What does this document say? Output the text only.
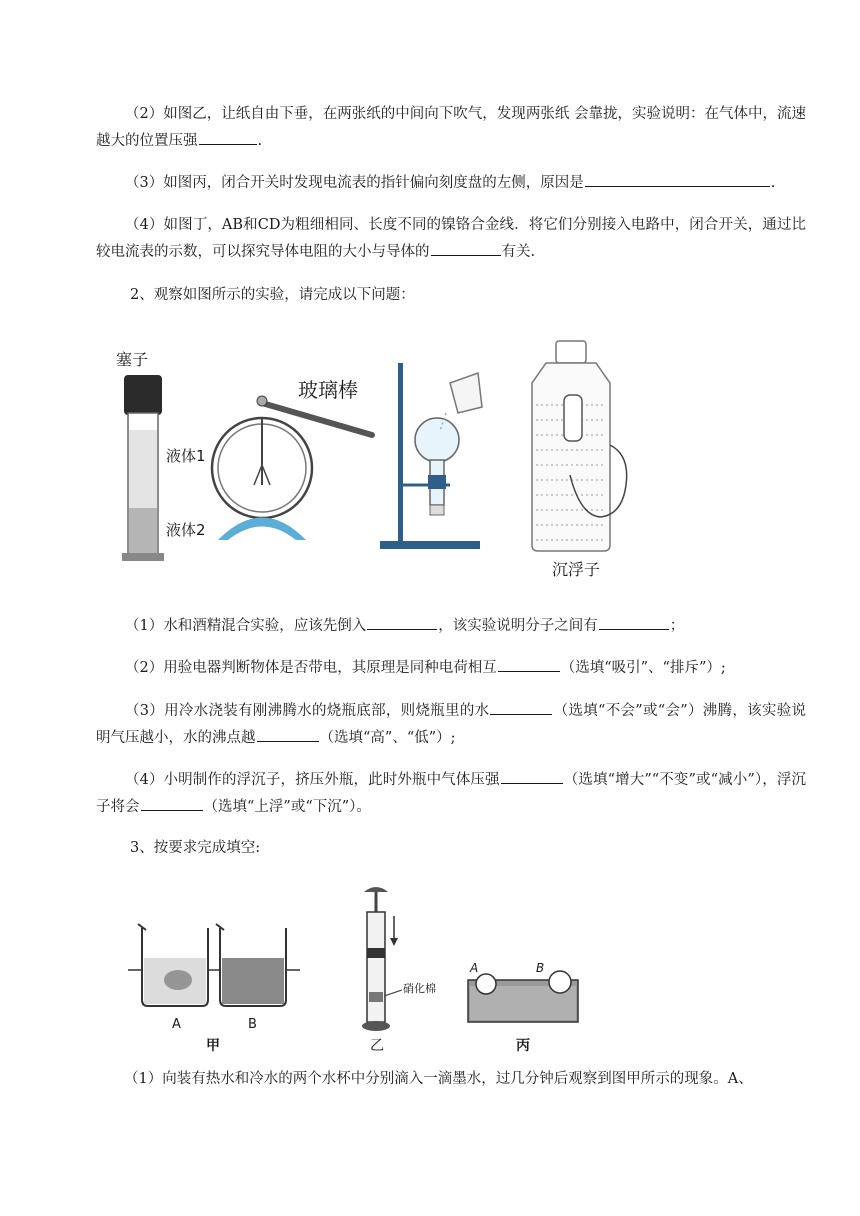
（2）如图乙，让纸自由下垂，在两张纸的中间向下吹气，发现两张纸 会靠拢，实验说明：在气体中，流速越大的位置压强	.

（3）如图丙，闭合开关时发现电流表的指针偏向刻度盘的左侧，原因是	.

（4）如图丁，AB和CD为粗细相同、长度不同的镍铬合金线．将它们分别接入电路中，闭合开关，通过比较电流表的示数，可以探究导体电阻的大小与导体的	有关.

2、观察如图所示的实验，请完成以下问题：

塞子
液体1
液体2
玻璃棒
沉浮子

（1）水和酒精混合实验，应该先倒入	，该实验说明分子之间有	；

（2）用验电器判断物体是否带电，其原理是同种电荷相互	（选填“吸引”、“排斥”）;

（3）用冷水浇装有刚沸腾水的烧瓶底部，则烧瓶里的水	（选填“不会”或“会”）沸腾，该实验说明气压越小，水的沸点越	（选填“高”、“低”）;

（4）小明制作的浮沉子，挤压外瓶，此时外瓶中气体压强	（选填“增大”“不变”或“减小”），浮沉子将会	（选填“上浮”或“下沉”）。

3、按要求完成填空:

A	B
甲
硝化棉
乙
A	B
丙

（1）向装有热水和冷水的两个水杯中分别滴入一滴墨水，过几分钟后观察到图甲所示的现象。A、
